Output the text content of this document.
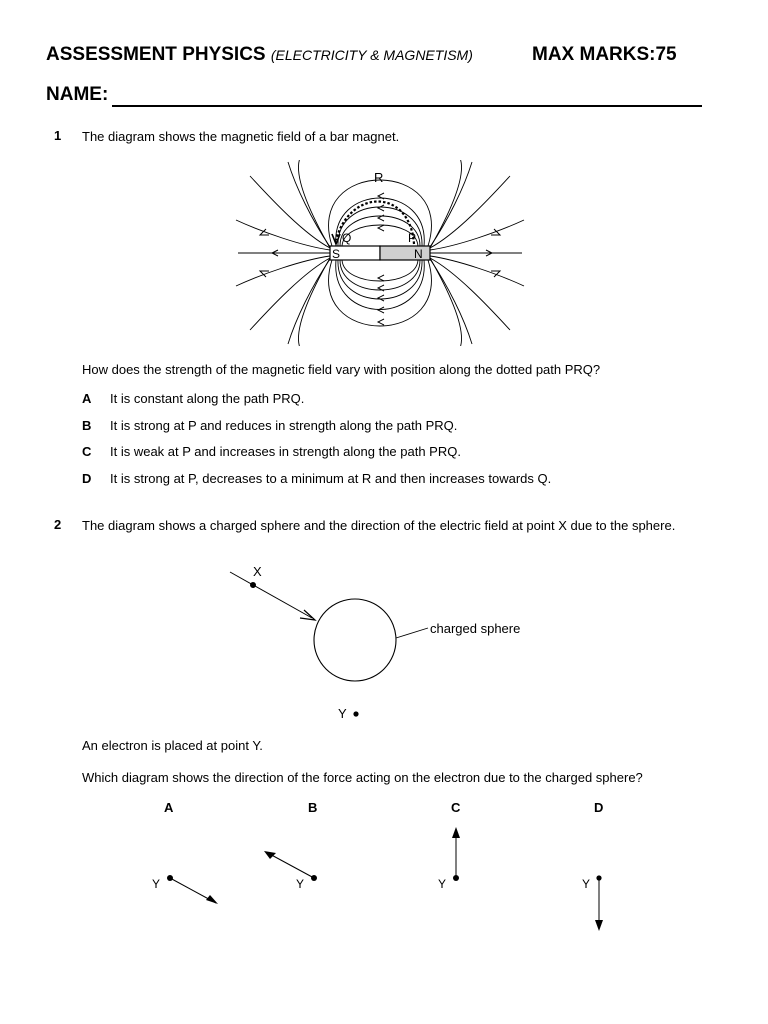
ASSESSMENT PHYSICS (ELECTRICITY & MAGNETISM)	MAX MARKS:75
NAME:
1 The diagram shows the magnetic field of a bar magnet.
R
Q	P
S	N
How does the strength of the magnetic field vary with position along the dotted path PRQ?
A It is constant along the path PRQ.
B It is strong at P and reduces in strength along the path PRQ.
C It is weak at P and increases in strength along the path PRQ.
D It is strong at P, decreases to a minimum at R and then increases towards Q.
2 The diagram shows a charged sphere and the direction of the electric field at point X due to the sphere.
X
charged sphere
Y
An electron is placed at point Y.
Which diagram shows the direction of the force acting on the electron due to the charged sphere?
A
Y
B
Y
C
Y
D
Y
